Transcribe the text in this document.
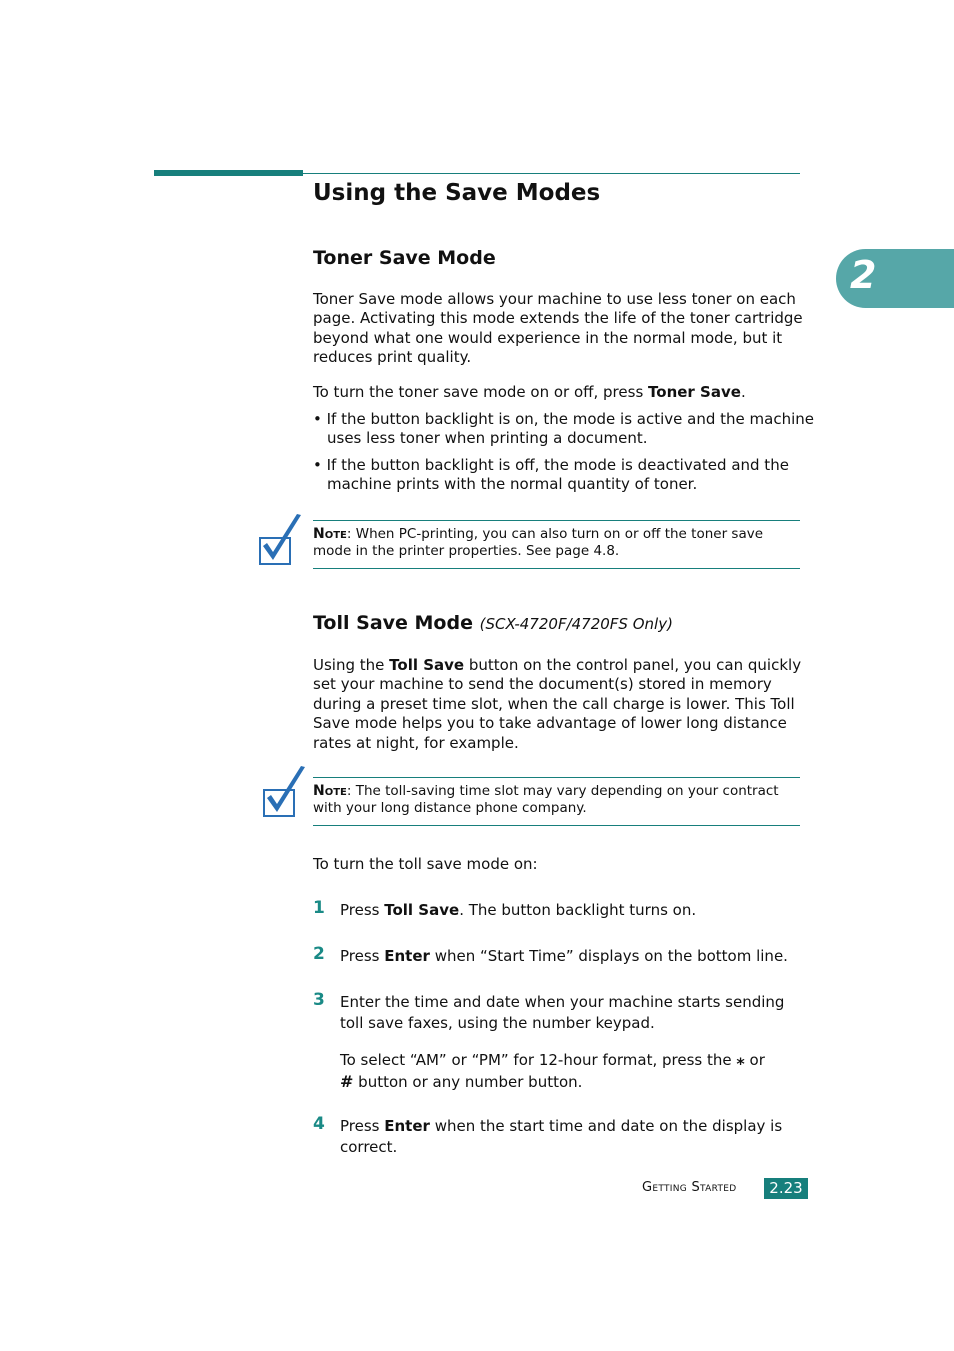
Using the Save Modes
2
Toner Save Mode

Toner Save mode allows your machine to use less toner on each page. Activating this mode extends the life of the toner cartridge beyond what one would experience in the normal mode, but it reduces print quality.

To turn the toner save mode on or off, press Toner Save.

• If the button backlight is on, the mode is active and the machine uses less toner when printing a document.

• If the button backlight is off, the mode is deactivated and the machine prints with the normal quantity of toner.

Note: When PC-printing, you can also turn on or off the toner save mode in the printer properties. See page 4.8.

Toll Save Mode (SCX-4720F/4720FS Only)

Using the Toll Save button on the control panel, you can quickly set your machine to send the document(s) stored in memory during a preset time slot, when the call charge is lower. This Toll Save mode helps you to take advantage of lower long distance rates at night, for example.

Note: The toll-saving time slot may vary depending on your contract with your long distance phone company.

To turn the toll save mode on:

1 Press Toll Save. The button backlight turns on.

2 Press Enter when “Start Time” displays on the bottom line.

3 Enter the time and date when your machine starts sending toll save faxes, using the number keypad.

To select “AM” or “PM” for 12-hour format, press the ⁎ or
# button or any number button.

4 Press Enter when the start time and date on the display is correct.

Getting Started	2.23
